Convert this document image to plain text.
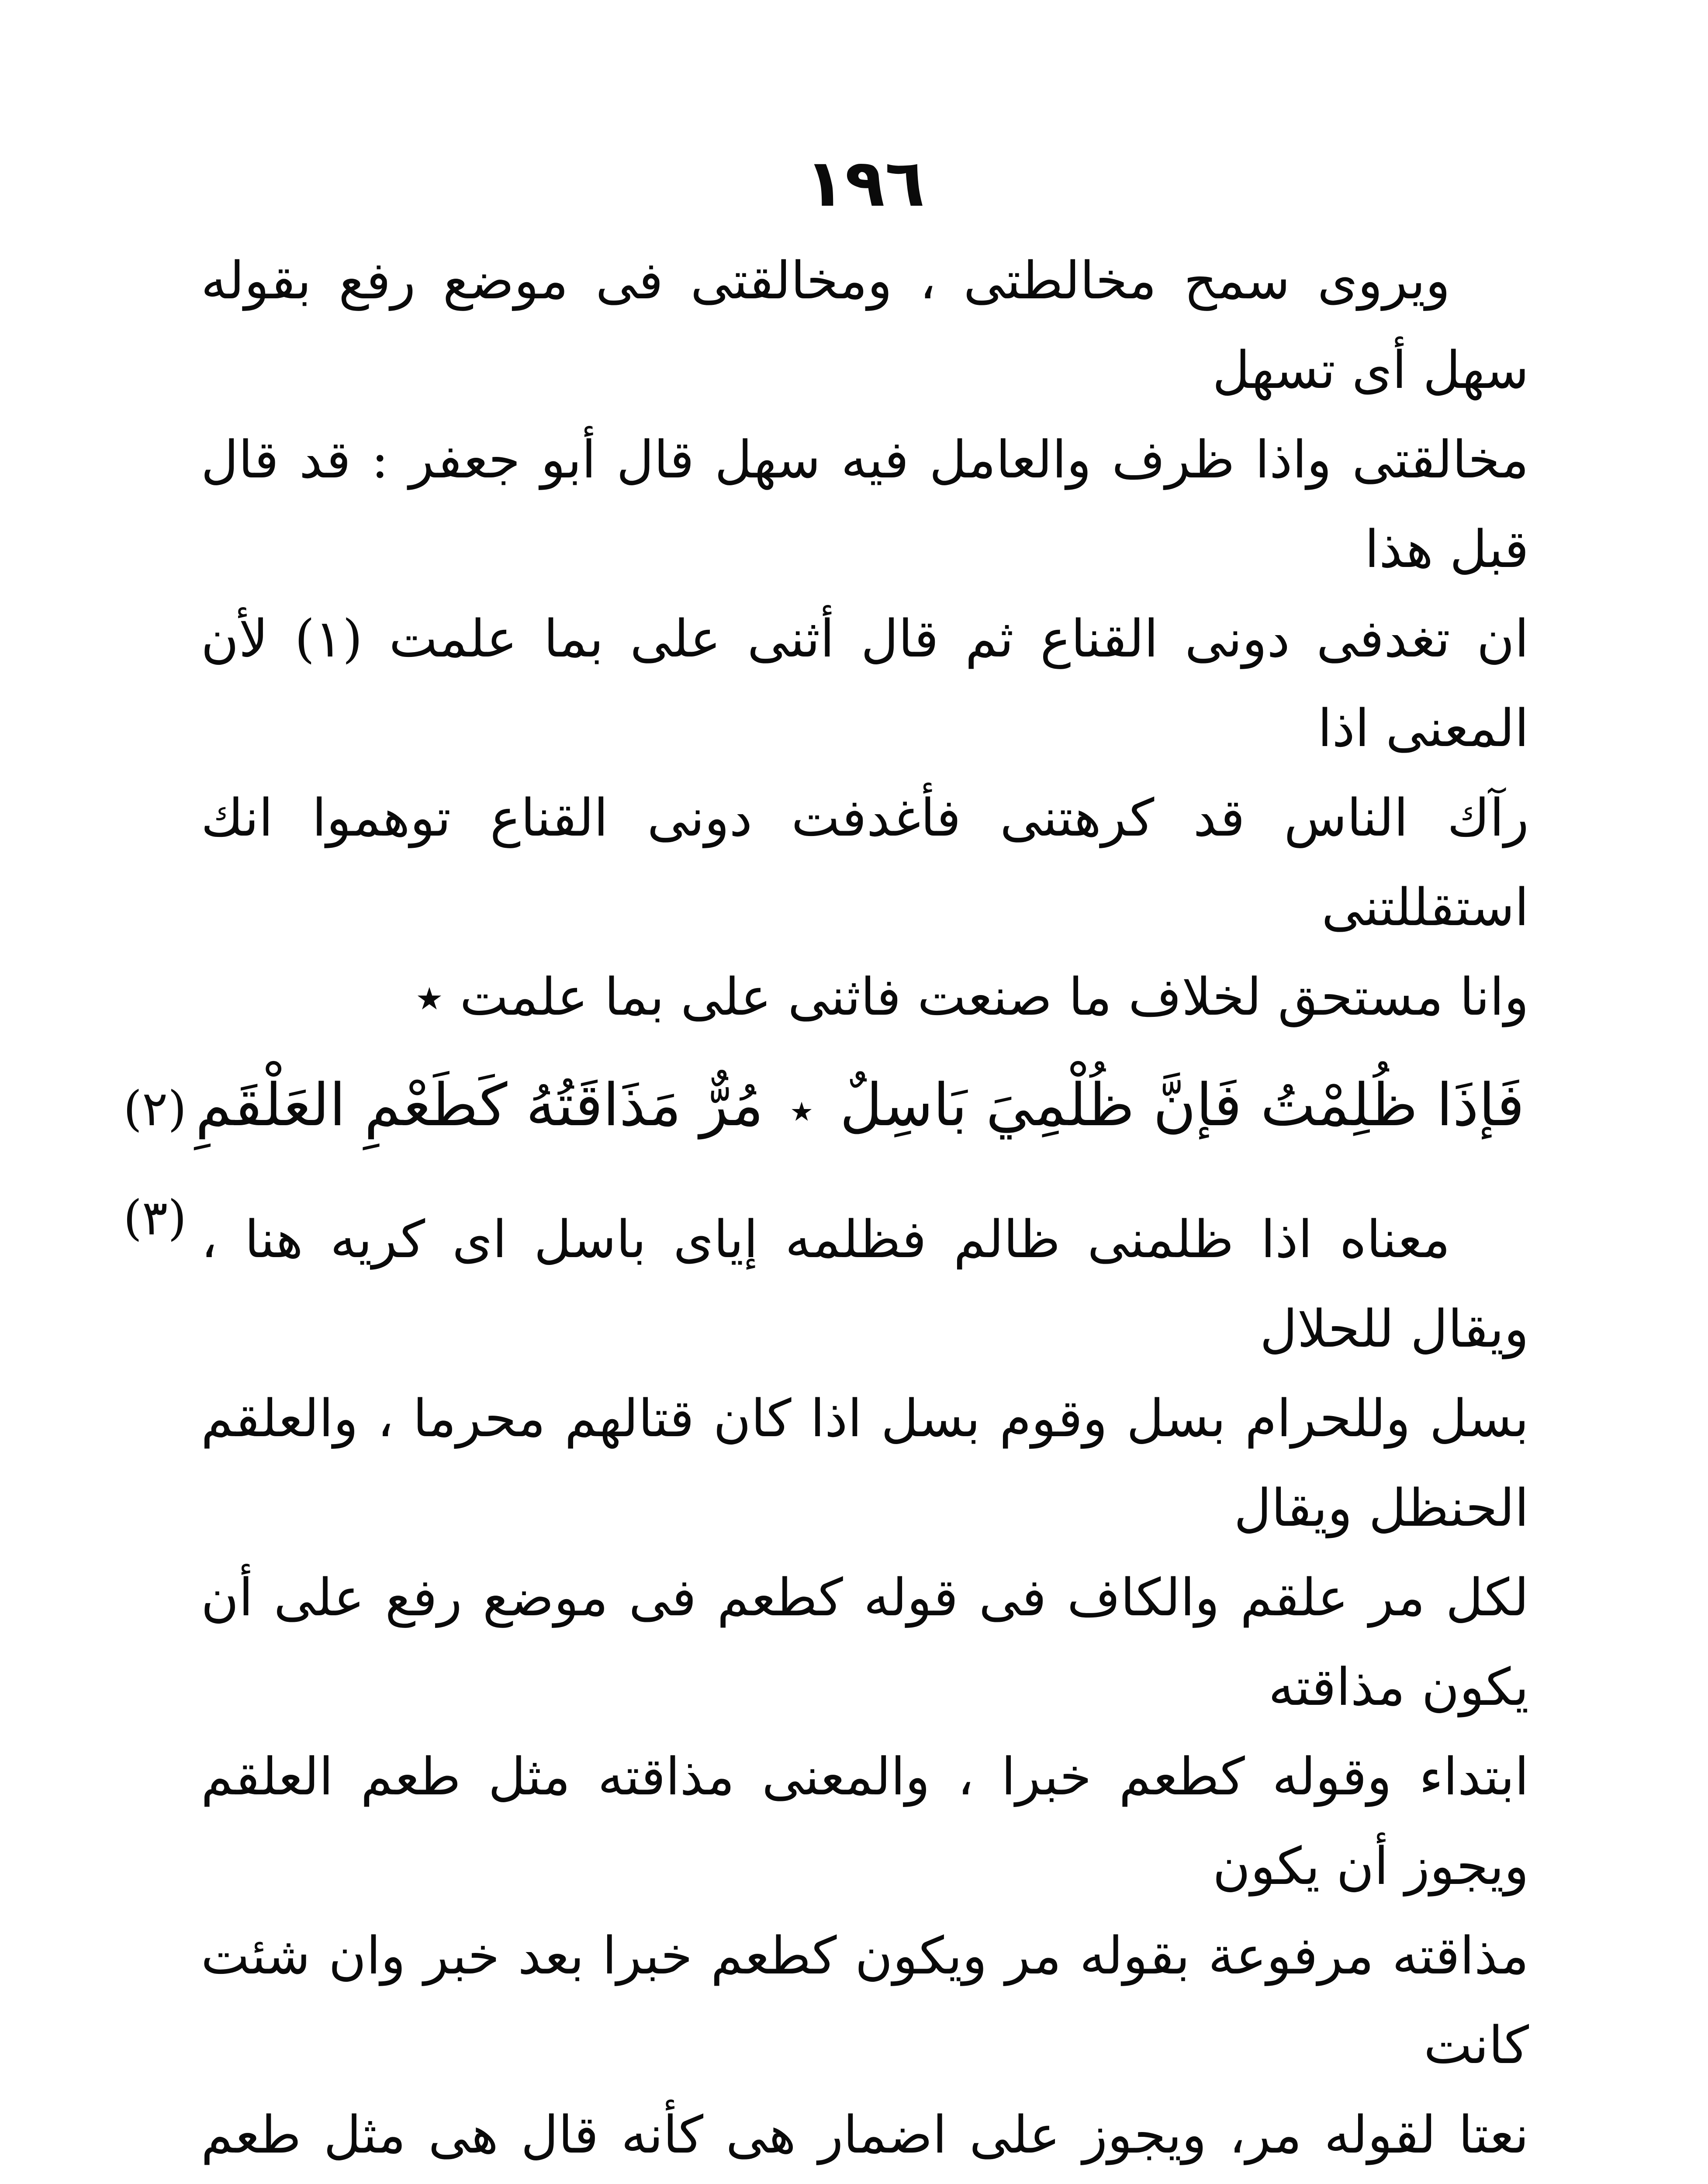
١٩٦

ويروى سمح مخالطتى ، ومخالقتى فى موضع رفع بقوله سهل أى تسهل

مخالقتى واذا ظرف والعامل فيه سهل قال أبو جعفر : قد قال قبل هذا

ان تغدفى دونى القناع ثم قال أثنى على بما علمت (١) لأن المعنى اذا

رآك الناس قد كرهتنى فأغدفت دونى القناع توهموا انك استقللتنى

وانا مستحق لخلاف ما صنعت فاثنى على بما علمت ٭

فَإذَا ظُلِمْتُ فَإنَّ ظُلْمِيَ بَاسِلٌ
٭
مُرٌّ مَذَاقَتُهُ كَطَعْمِ العَلْقَمِ
(٢)(٣) معناه اذا ظلمنى ظالم فظلمه إياى باسل اى كريه هنا ، ويقال للحلال

بسل وللحرام بسل وقوم بسل اذا كان قتالهم محرما ، والعلقم الحنظل ويقال

لكل مر علقم والكاف فى قوله كطعم فى موضع رفع على أن يكون مذاقته

ابتداء وقوله كطعم خبرا ، والمعنى مذاقته مثل طعم العلقم ويجوز أن يكون

مذاقته مرفوعة بقوله مر ويكون كطعم خبرا بعد خبر وان شئت كانت

نعتا لقوله مر، ويجوز على اضمار هى كأنه قال هى مثل طعم
